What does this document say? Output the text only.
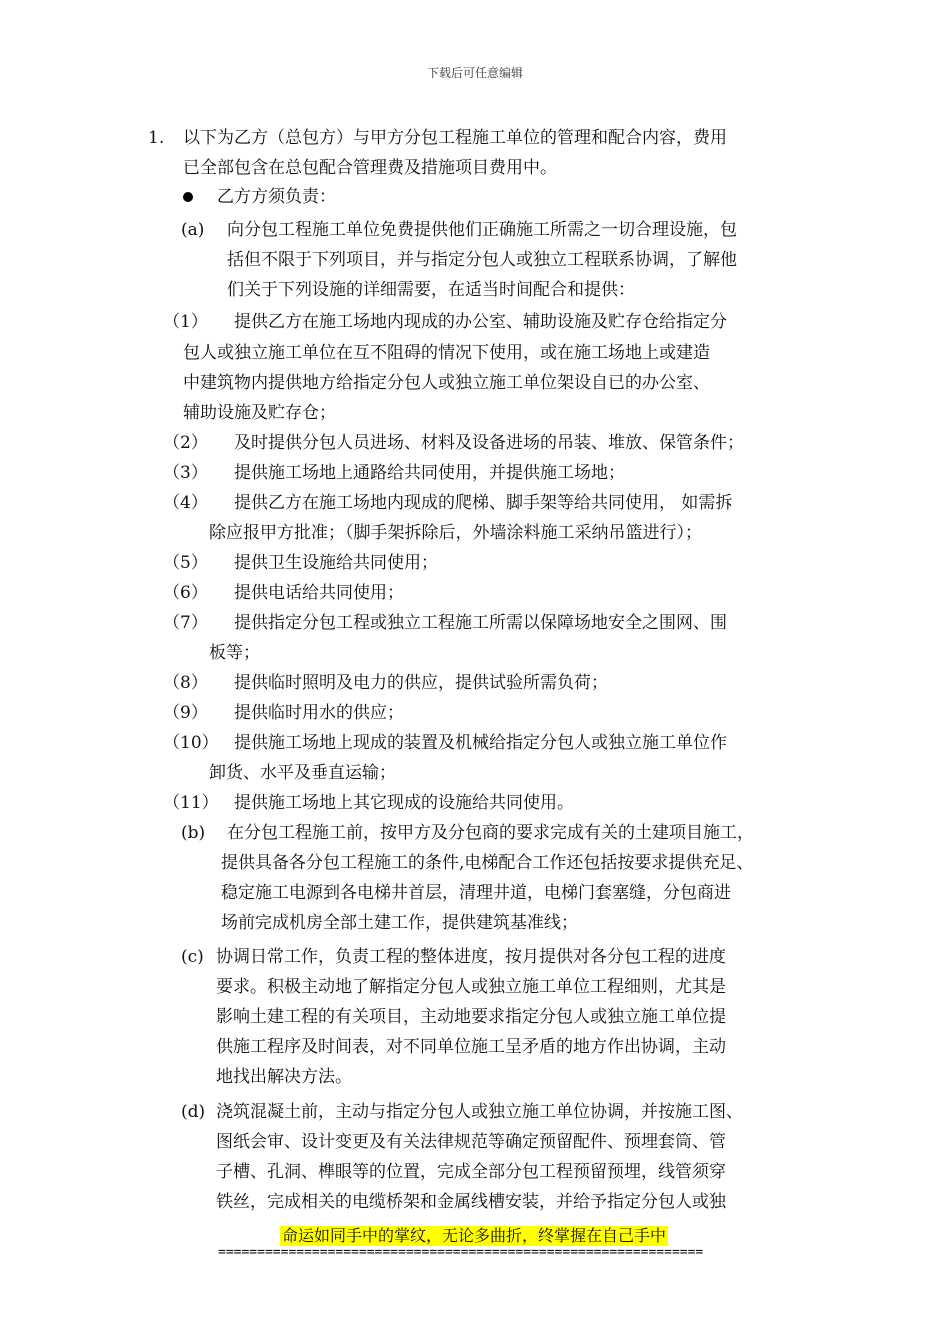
下载后可任意编辑
1. 以下为乙方（总包方）与甲方分包工程施工单位的管理和配合内容，费用
已全部包含在总包配合管理费及措施项目费用中。
乙方方须负责：
(a) 向分包工程施工单位免费提供他们正确施工所需之一切合理设施，包
括但不限于下列项目，并与指定分包人或独立工程联系协调，了解他
们关于下列设施的详细需要，在适当时间配合和提供：
（1） 提供乙方在施工场地内现成的办公室、辅助设施及贮存仓给指定分
包人或独立施工单位在互不阻碍的情况下使用，或在施工场地上或建造
中建筑物内提供地方给指定分包人或独立施工单位架设自已的办公室、
辅助设施及贮存仓；
（2） 及时提供分包人员进场、材料及设备进场的吊装、堆放、保管条件；
（3） 提供施工场地上通路给共同使用，并提供施工场地；
（4） 提供乙方在施工场地内现成的爬梯、脚手架等给共同使用， 如需拆
除应报甲方批准；（脚手架拆除后，外墙涂料施工采纳吊篮进行）；
（5） 提供卫生设施给共同使用；
（6） 提供电话给共同使用；
（7） 提供指定分包工程或独立工程施工所需以保障场地安全之围网、围
板等；
（8） 提供临时照明及电力的供应，提供试验所需负荷；
（9） 提供临时用水的供应；
（10） 提供施工场地上现成的装置及机械给指定分包人或独立施工单位作
卸货、水平及垂直运输；
（11） 提供施工场地上其它现成的设施给共同使用。
(b) 在分包工程施工前，按甲方及分包商的要求完成有关的土建项目施工，
提供具备各分包工程施工的条件,电梯配合工作还包括按要求提供充足、
稳定施工电源到各电梯井首层，清理井道，电梯门套塞缝，分包商进
场前完成机房全部土建工作，提供建筑基准线；
(c) 协调日常工作，负责工程的整体进度，按月提供对各分包工程的进度
要求。积极主动地了解指定分包人或独立施工单位工程细则，尤其是
影响土建工程的有关项目，主动地要求指定分包人或独立施工单位提
供施工程序及时间表，对不同单位施工呈矛盾的地方作出协调，主动
地找出解决方法。
(d) 浇筑混凝土前，主动与指定分包人或独立施工单位协调，并按施工图、
图纸会审、设计变更及有关法律规范等确定预留配件、预埋套筒、管
子槽、孔洞、榫眼等的位置，完成全部分包工程预留预埋，线管须穿
铁丝，完成相关的电缆桥架和金属线槽安装，并给予指定分包人或独
命运如同手中的掌纹，无论多曲折，终掌握在自己手中
==============================================================
